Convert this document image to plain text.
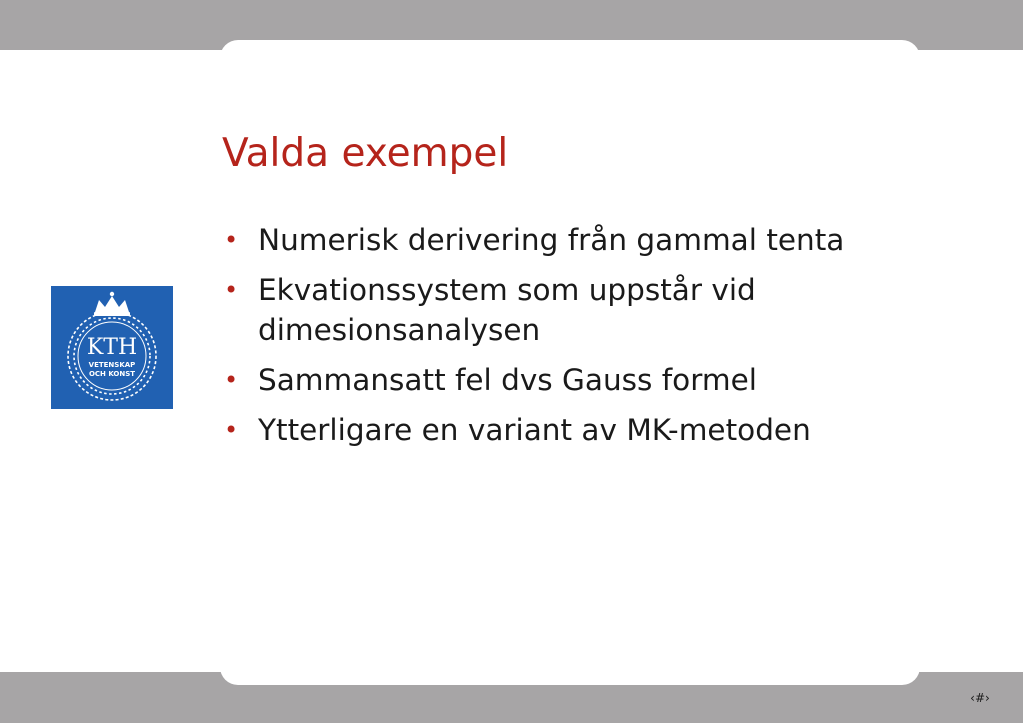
Valda exempel
• Numerisk derivering från gammal tenta
• Ekvationssystem som uppstår vid dimesionsanalysen
• Sammansatt fel dvs Gauss formel
• Ytterligare en variant av MK-metoden
KTH
VETENSKAP
OCH KONST
‹#›
